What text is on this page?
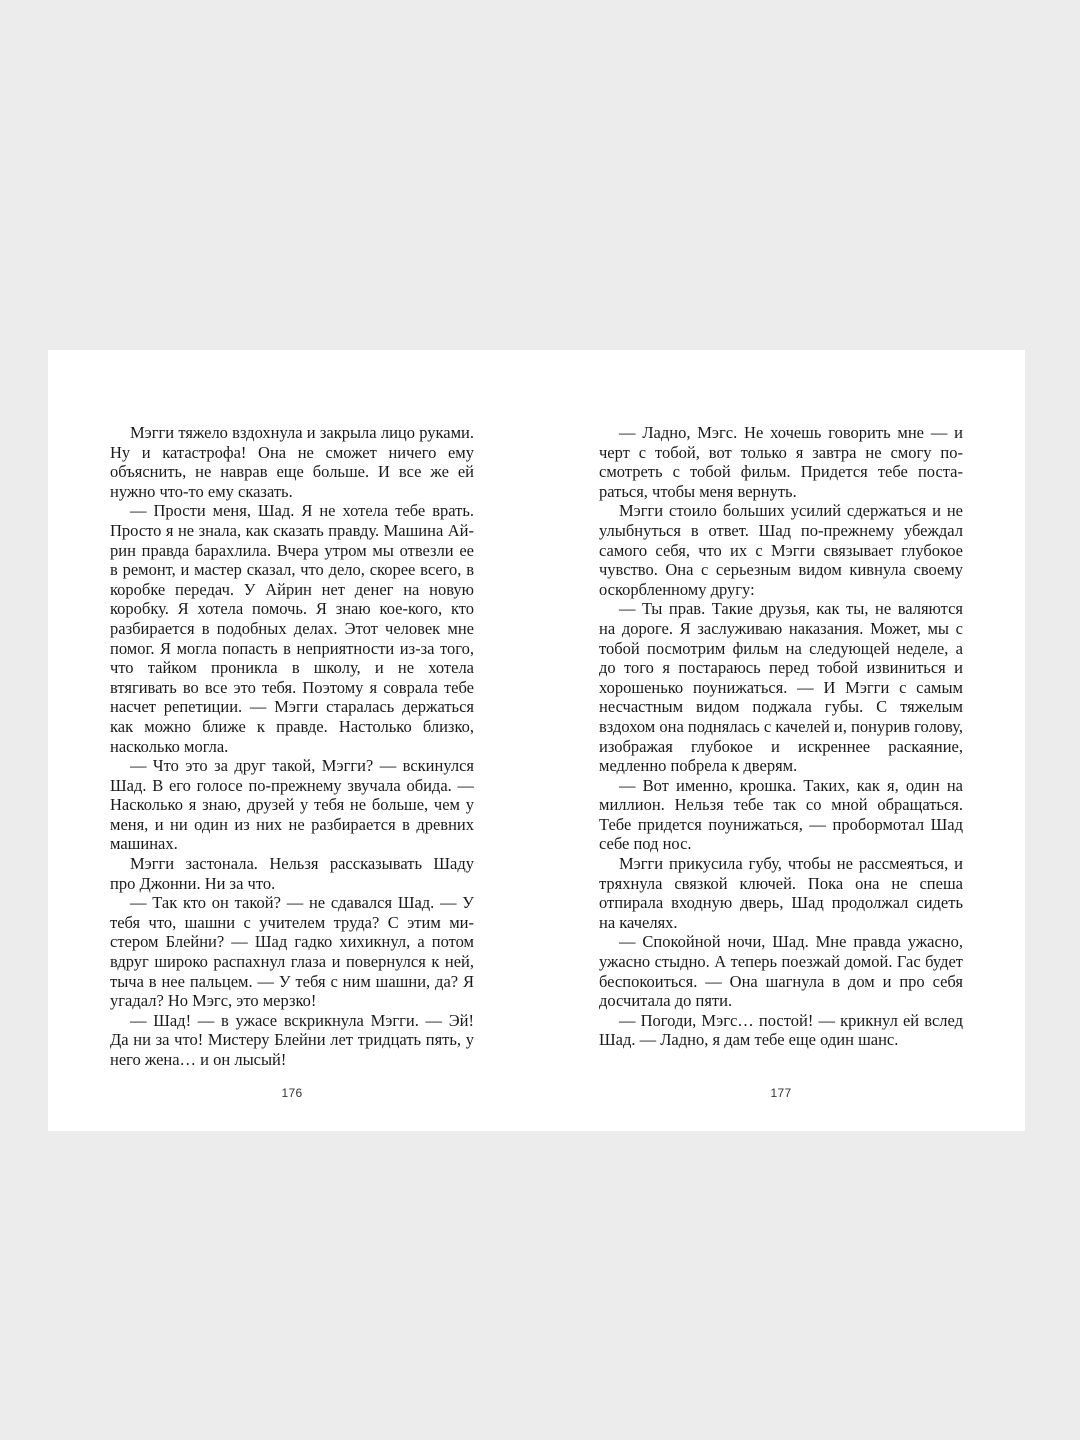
Мэгги тяжело вздохнула и закрыла лицо руками. Ну и катастрофа! Она не сможет ничего ему объяснить, не наврав еще больше. И все же ей нужно что-то ему сказать.

— Прости меня, Шад. Я не хотела тебе врать. Просто я не знала, как сказать правду. Машина Айрин правда барахлила. Вчера утром мы отвезли ее в ремонт, и мастер сказал, что дело, скорее всего, в коробке передач. У Айрин нет денег на новую коробку. Я хотела помочь. Я знаю кое-кого, кто разбирается в подобных делах. Этот человек мне помог. Я могла попасть в неприятности из-за того, что тайком проникла в школу, и не хотела втягивать во все это тебя. Поэтому я соврала тебе насчет репетиции. — Мэгги старалась держаться как можно ближе к правде. Настолько близко, насколько могла.

— Что это за друг такой, Мэгги? — вскинулся Шад. В его голосе по-прежнему звучала обида. — Насколько я знаю, друзей у тебя не больше, чем у меня, и ни один из них не разбирается в древних машинах.

Мэгги застонала. Нельзя рассказывать Шаду про Джонни. Ни за что.

— Так кто он такой? — не сдавался Шад. — У тебя что, шашни с учителем труда? С этим мистером Блейни? — Шад гадко хихикнул, а потом вдруг широко распахнул глаза и повернулся к ней, тыча в нее пальцем. — У тебя с ним шашни, да? Я угадал? Но Мэгс, это мерзко!

— Шад! — в ужасе вскрикнула Мэгги. — Эй! Да ни за что! Мистеру Блейни лет тридцать пять, у него жена… и он лысый!

— Ладно, Мэгс. Не хочешь говорить мне — и черт с тобой, вот только я завтра не смогу посмотреть с тобой фильм. Придется тебе постараться, чтобы меня вернуть.

Мэгги стоило больших усилий сдержаться и не улыбнуться в ответ. Шад по-прежнему убеждал самого себя, что их с Мэгги связывает глубокое чувство. Она с серьезным видом кивнула своему оскорбленному другу:

— Ты прав. Такие друзья, как ты, не валяются на дороге. Я заслуживаю наказания. Может, мы с тобой посмотрим фильм на следующей неделе, а до того я постараюсь перед тобой извиниться и хорошенько поунижаться. — И Мэгги с самым несчастным видом поджала губы. С тяжелым вздохом она поднялась с качелей и, понурив голову, изображая глубокое и искреннее раскаяние, медленно побрела к дверям.

— Вот именно, крошка. Таких, как я, один на миллион. Нельзя тебе так со мной обращаться. Тебе придется поунижаться, — пробормотал Шад себе под нос.

Мэгги прикусила губу, чтобы не рассмеяться, и тряхнула связкой ключей. Пока она не спеша отпирала входную дверь, Шад продолжал сидеть на качелях.

— Спокойной ночи, Шад. Мне правда ужасно, ужасно стыдно. А теперь поезжай домой. Гас будет беспокоиться. — Она шагнула в дом и про себя досчитала до пяти.

— Погоди, Мэгс… постой! — крикнул ей вслед Шад. — Ладно, я дам тебе еще один шанс.

176	177
